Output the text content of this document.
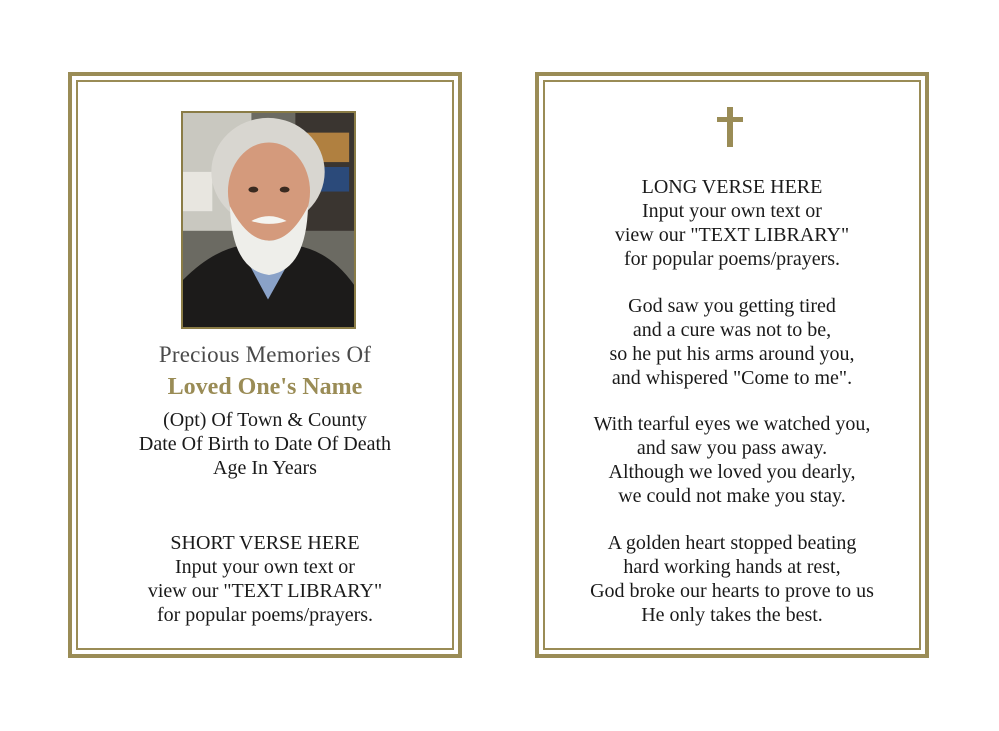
Precious Memories Of
Loved One's Name
(Opt) Of Town & County
Date Of Birth to Date Of Death
Age In Years
SHORT VERSE HERE
Input your own text or
view our "TEXT LIBRARY"
for popular poems/prayers.
LONG VERSE HERE
Input your own text or
view our "TEXT LIBRARY"
for popular poems/prayers.
God saw you getting tired
and a cure was not to be,
so he put his arms around you,
and whispered "Come to me".
With tearful eyes we watched you,
and saw you pass away.
Although we loved you dearly,
we could not make you stay.
A golden heart stopped beating
hard working hands at rest,
God broke our hearts to prove to us
He only takes the best.
